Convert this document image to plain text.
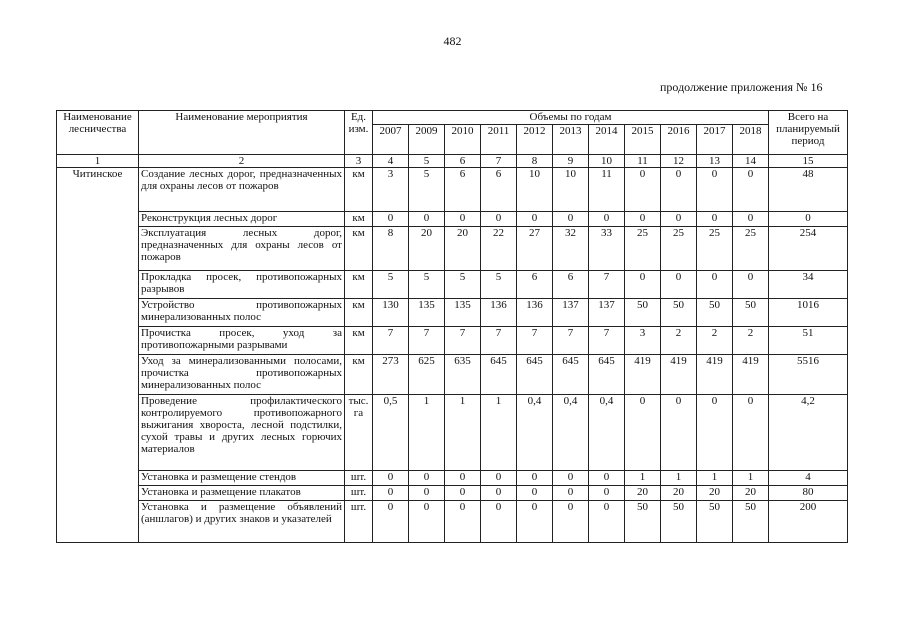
482
продолжение приложения № 16
Наименование лесничества	Наименование мероприятия	Ед. изм.	Объемы по годам											Всего на планируемый период
			2007	2009	2010	2011	2012	2013	2014	2015	2016	2017	2018	
1	2	3	4	5	6	7	8	9	10	11	12	13	14	15
Читинское	Создание лесных дорог, предназначенных для охраны лесов от пожаров	км	3	5	6	6	10	10	11	0	0	0	0	48
	Реконструкция лесных дорог	км	0	0	0	0	0	0	0	0	0	0	0	0
	Эксплуатация лесных дорог, предназначенных для охраны лесов от пожаров	км	8	20	20	22	27	32	33	25	25	25	25	254
	Прокладка просек, противопожарных разрывов	км	5	5	5	5	6	6	7	0	0	0	0	34
	Устройство противопожарных минерализованных полос	км	130	135	135	136	136	137	137	50	50	50	50	1016
	Прочистка просек, уход за противопожарными разрывами	км	7	7	7	7	7	7	7	3	2	2	2	51
	Уход за минерализованными полосами, прочистка противопожарных минерализованных полос	км	273	625	635	645	645	645	645	419	419	419	419	5516
	Проведение профилактического контролируемого противопожарного выжигания хвороста, лесной подстилки, сухой травы и других лесных горючих материалов	тыс. га	0,5	1	1	1	0,4	0,4	0,4	0	0	0	0	4,2
	Установка и размещение стендов	шт.	0	0	0	0	0	0	0	1	1	1	1	4
	Установка и размещение плакатов	шт.	0	0	0	0	0	0	0	20	20	20	20	80
	Установка и размещение объявлений (аншлагов) и других знаков и указателей	шт.	0	0	0	0	0	0	0	50	50	50	50	200
